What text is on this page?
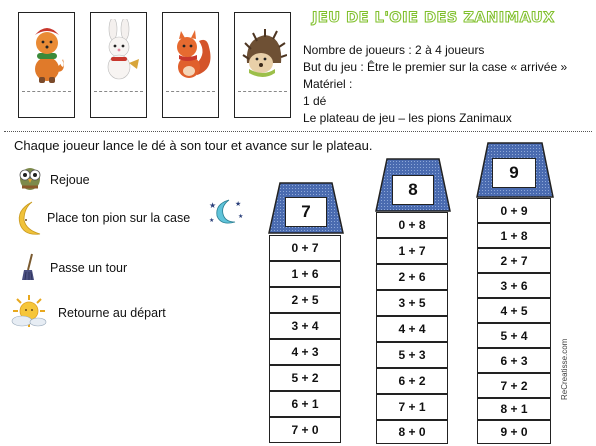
JEU DE L'OIE DES ZANIMAUX
Nombre de joueurs : 2 à 4 joueurs
But du jeu : Être le premier sur la case « arrivée »
Matériel :
1 dé
Le plateau de jeu – les pions Zanimaux
Chaque joueur lance le dé à son tour et avance sur le plateau.
Rejoue
Place ton pion sur la case
★	★
★
★
Passe un tour
Retourne au départ
7
0 + 7
1 + 6
2 + 5
3 + 4
4 + 3
5 + 2
6 + 1
7 + 0
8
0 + 8
1 + 7
2 + 6
3 + 5
4 + 4
5 + 3
6 + 2
7 + 1
8 + 0
9
0 + 9
1 + 8
2 + 7
3 + 6
4 + 5
5 + 4
6 + 3
7 + 2
8 + 1
9 + 0
ReCreatisse.com
